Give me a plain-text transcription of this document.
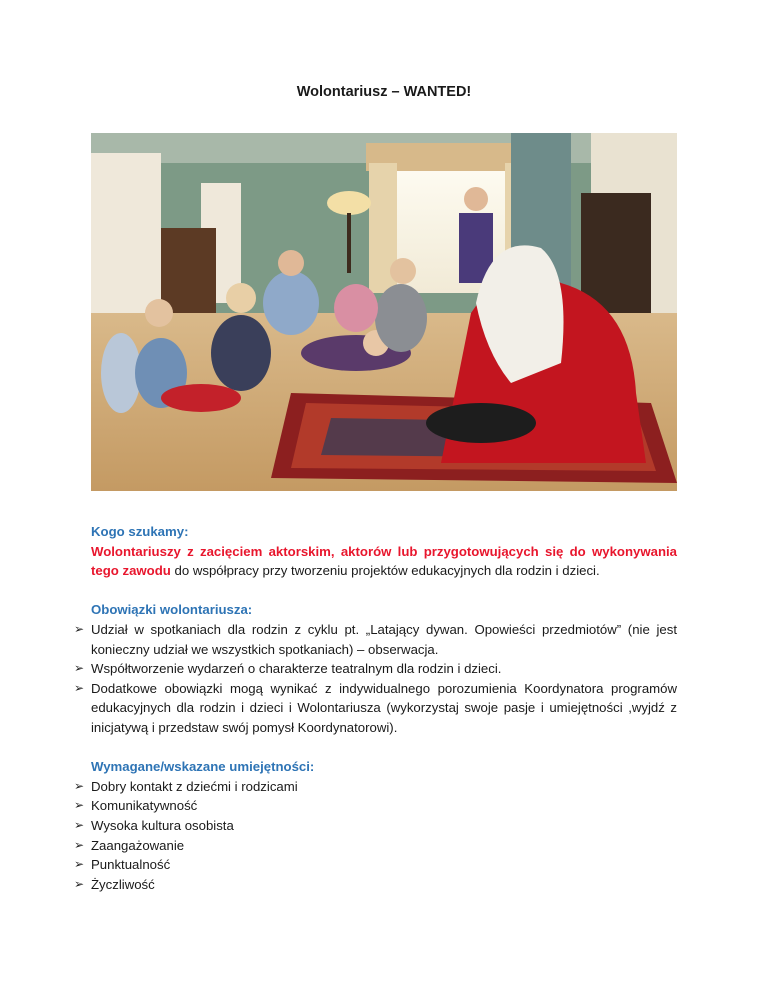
Wolontariusz – WANTED!

Kogo szukamy:

Wolontariuszy z zacięciem aktorskim, aktorów lub przygotowujących się do wykonywania tego zawodu do współpracy przy tworzeniu projektów edukacyjnych dla rodzin i dzieci.

Obowiązki wolontariusza:

➢ Udział w spotkaniach dla rodzin z cyklu pt. „Latający dywan. Opowieści przedmiotów” (nie jest konieczny udział we wszystkich spotkaniach) – obserwacja.
➢ Współtworzenie wydarzeń o charakterze teatralnym dla rodzin i dzieci.
➢ Dodatkowe obowiązki mogą wynikać z indywidualnego porozumienia Koordynatora programów edukacyjnych dla rodzin i dzieci i Wolontariusza (wykorzystaj swoje pasje i umiejętności ,wyjdź z inicjatywą i przedstaw swój pomysł Koordynatorowi).

Wymagane/wskazane umiejętności:

➢ Dobry kontakt z dziećmi i rodzicami
➢ Komunikatywność
➢ Wysoka kultura osobista
➢ Zaangażowanie
➢ Punktualność
➢ Życzliwość
